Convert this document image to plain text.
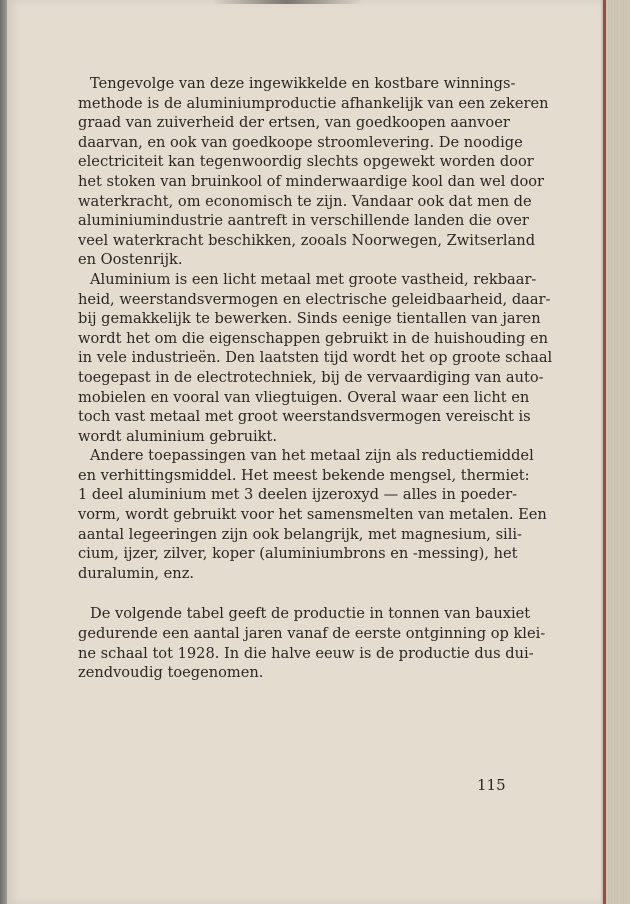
Tengevolge van deze ingewikkelde en kostbare winnings-
methode is de aluminiumproductie afhankelijk van een zekeren
graad van zuiverheid der ertsen, van goedkoopen aanvoer
daarvan, en ook van goedkoope stroomlevering. De noodige
electriciteit kan tegenwoordig slechts opgewekt worden door
het stoken van bruinkool of minderwaardige kool dan wel door
waterkracht, om economisch te zijn. Vandaar ook dat men de
aluminiumindustrie aantreft in verschillende landen die over
veel waterkracht beschikken, zooals Noorwegen, Zwitserland
en Oostenrijk.
Aluminium is een licht metaal met groote vastheid, rekbaar-
heid, weerstandsvermogen en electrische geleidbaarheid, daar-
bij gemakkelijk te bewerken. Sinds eenige tientallen van jaren
wordt het om die eigenschappen gebruikt in de huishouding en
in vele industrieën. Den laatsten tijd wordt het op groote schaal
toegepast in de electrotechniek, bij de vervaardiging van auto-
mobielen en vooral van vliegtuigen. Overal waar een licht en
toch vast metaal met groot weerstandsvermogen vereischt is
wordt aluminium gebruikt.
Andere toepassingen van het metaal zijn als reductiemiddel
en verhittingsmiddel. Het meest bekende mengsel, thermiet:
1 deel aluminium met 3 deelen ijzeroxyd — alles in poeder-
vorm, wordt gebruikt voor het samensmelten van metalen. Een
aantal legeeringen zijn ook belangrijk, met magnesium, sili-
cium, ijzer, zilver, koper (aluminiumbrons en -messing), het
duralumin, enz.
De volgende tabel geeft de productie in tonnen van bauxiet
gedurende een aantal jaren vanaf de eerste ontginning op klei-
ne schaal tot 1928. In die halve eeuw is de productie dus dui-
zendvoudig toegenomen.
115
